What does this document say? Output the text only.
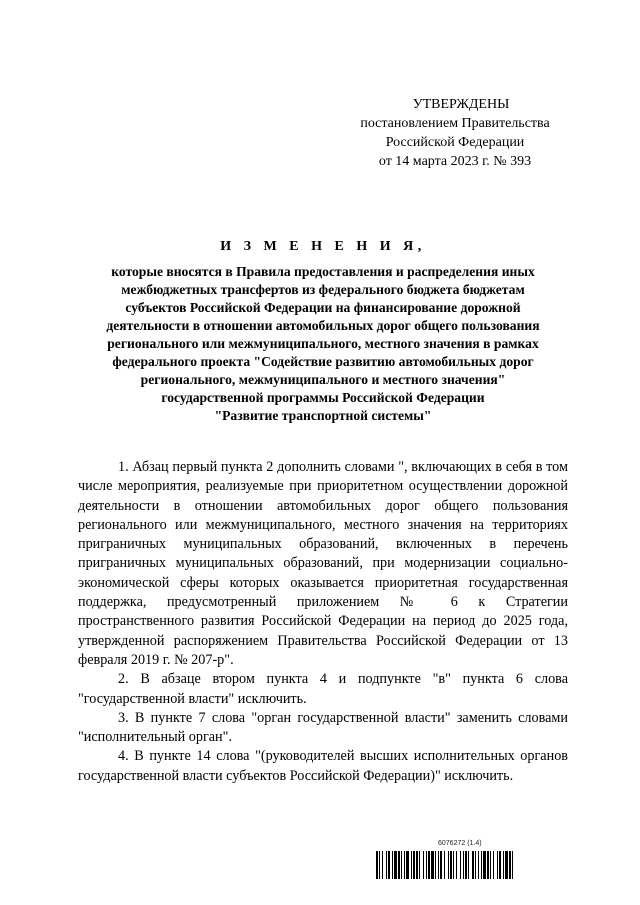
УТВЕРЖДЕНЫ
постановлением Правительства
Российской Федерации
от 14 марта 2023 г. № 393
И З М Е Н Е Н И Я,
которые вносятся в Правила предоставления и распределения иных
межбюджетных трансфертов из федерального бюджета бюджетам
субъектов Российской Федерации на финансирование дорожной
деятельности в отношении автомобильных дорог общего пользования
регионального или межмуниципального, местного значения в рамках
федерального проекта "Содействие развитию автомобильных дорог
регионального, межмуниципального и местного значения"
государственной программы Российской Федерации
"Развитие транспортной системы"

1. Абзац первый пункта 2 дополнить словами ", включающих в себя в том числе мероприятия, реализуемые при приоритетном осуществлении дорожной деятельности в отношении автомобильных дорог общего пользования регионального или межмуниципального, местного значения на территориях приграничных муниципальных образований, включенных в перечень приграничных муниципальных образований, при модернизации социально-экономической сферы которых оказывается приоритетная государственная поддержка, предусмотренный приложением № 6 к Стратегии пространственного развития Российской Федерации на период до 2025 года, утвержденной распоряжением Правительства Российской Федерации от 13 февраля 2019 г. № 207-р".

2. В абзаце втором пункта 4 и подпункте "в" пункта 6 слова "государственной власти" исключить.

3. В пункте 7 слова "орган государственной власти" заменить словами "исполнительный орган".

4. В пункте 14 слова "(руководителей высших исполнительных органов государственной власти субъектов Российской Федерации)" исключить.

6076272 (1.4)
